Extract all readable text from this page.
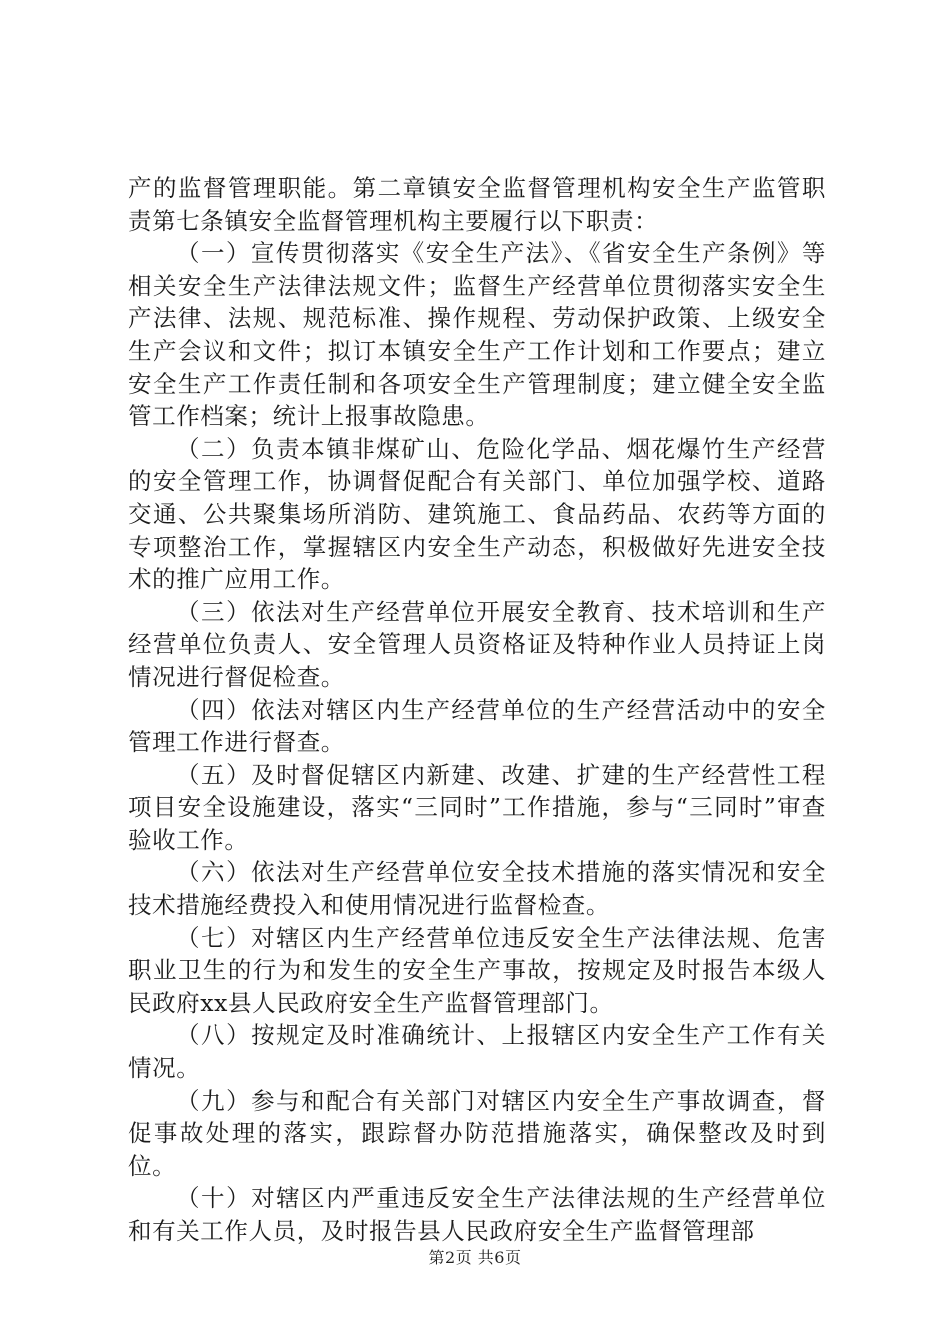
产的监督管理职能。第二章镇安全监督管理机构安全生产监管职责第七条镇安全监督管理机构主要履行以下职责：

（一）宣传贯彻落实《安全生产法》、《省安全生产条例》等相关安全生产法律法规文件；监督生产经营单位贯彻落实安全生产法律、法规、规范标准、操作规程、劳动保护政策、上级安全生产会议和文件；拟订本镇安全生产工作计划和工作要点；建立安全生产工作责任制和各项安全生产管理制度；建立健全安全监管工作档案；统计上报事故隐患。

（二）负责本镇非煤矿山、危险化学品、烟花爆竹生产经营的安全管理工作，协调督促配合有关部门、单位加强学校、道路交通、公共聚集场所消防、建筑施工、食品药品、农药等方面的专项整治工作，掌握辖区内安全生产动态，积极做好先进安全技术的推广应用工作。

（三）依法对生产经营单位开展安全教育、技术培训和生产经营单位负责人、安全管理人员资格证及特种作业人员持证上岗情况进行督促检查。

（四）依法对辖区内生产经营单位的生产经营活动中的安全管理工作进行督查。

（五）及时督促辖区内新建、改建、扩建的生产经营性工程项目安全设施建设，落实“三同时”工作措施，参与“三同时”审查验收工作。

（六）依法对生产经营单位安全技术措施的落实情况和安全技术措施经费投入和使用情况进行监督检查。

（七）对辖区内生产经营单位违反安全生产法律法规、危害职业卫生的行为和发生的安全生产事故，按规定及时报告本级人民政府xx县人民政府安全生产监督管理部门。

（八）按规定及时准确统计、上报辖区内安全生产工作有关情况。

（九）参与和配合有关部门对辖区内安全生产事故调查，督促事故处理的落实，跟踪督办防范措施落实，确保整改及时到位。

（十）对辖区内严重违反安全生产法律法规的生产经营单位和有关工作人员，及时报告县人民政府安全生产监督管理部

第2页 共6页
